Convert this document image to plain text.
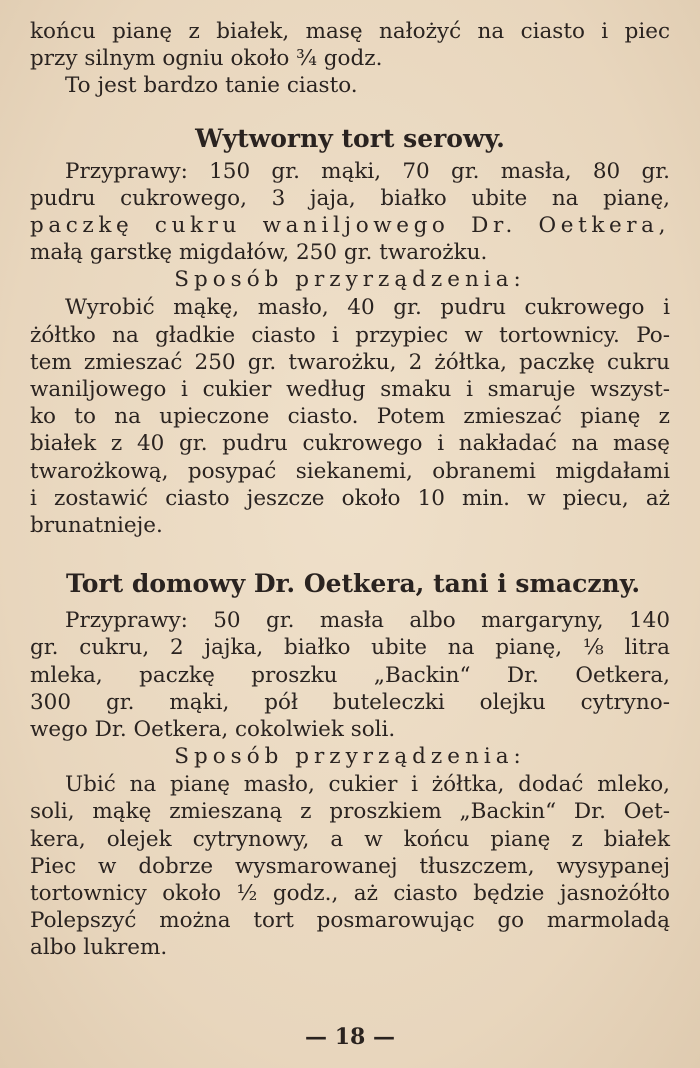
końcu pianę z białek, masę nałożyć na ciasto i piec
przy silnym ogniu około ¾ godz.
To jest bardzo tanie ciasto.
Wytworny tort serowy.
Przyprawy: 150 gr. mąki, 70 gr. masła, 80 gr.
pudru cukrowego, 3 jaja, białko ubite na pianę,
paczkę cukru waniljowego Dr. Oetkera,
małą garstkę migdałów, 250 gr. twarożku.
Sposób przyrządzenia:
Wyrobić mąkę, masło, 40 gr. pudru cukrowego i
żółtko na gładkie ciasto i przypiec w tortownicy. Po-
tem zmieszać 250 gr. twarożku, 2 żółtka, paczkę cukru
waniljowego i cukier według smaku i smaruje wszyst-
ko to na upieczone ciasto. Potem zmieszać pianę z
białek z 40 gr. pudru cukrowego i nakładać na masę
twarożkową, posypać siekanemi, obranemi migdałami
i zostawić ciasto jeszcze około 10 min. w piecu, aż
brunatnieje.
Tort domowy Dr. Oetkera, tani i smaczny.
Przyprawy: 50 gr. masła albo margaryny, 140
gr. cukru, 2 jajka, białko ubite na pianę, ⅛ litra
mleka, paczkę proszku „Backin“ Dr. Oetkera,
300 gr. mąki, pół buteleczki olejku cytryno-
wego Dr. Oetkera, cokolwiek soli.
Sposób przyrządzenia:
Ubić na pianę masło, cukier i żółtka, dodać mleko,
soli, mąkę zmieszaną z proszkiem „Backin“ Dr. Oet-
kera, olejek cytrynowy, a w końcu pianę z białek
Piec w dobrze wysmarowanej tłuszczem, wysypanej
tortownicy około ½ godz., aż ciasto będzie jasnożółto
Polepszyć można tort posmarowując go marmoladą
albo lukrem.
— 18 —
